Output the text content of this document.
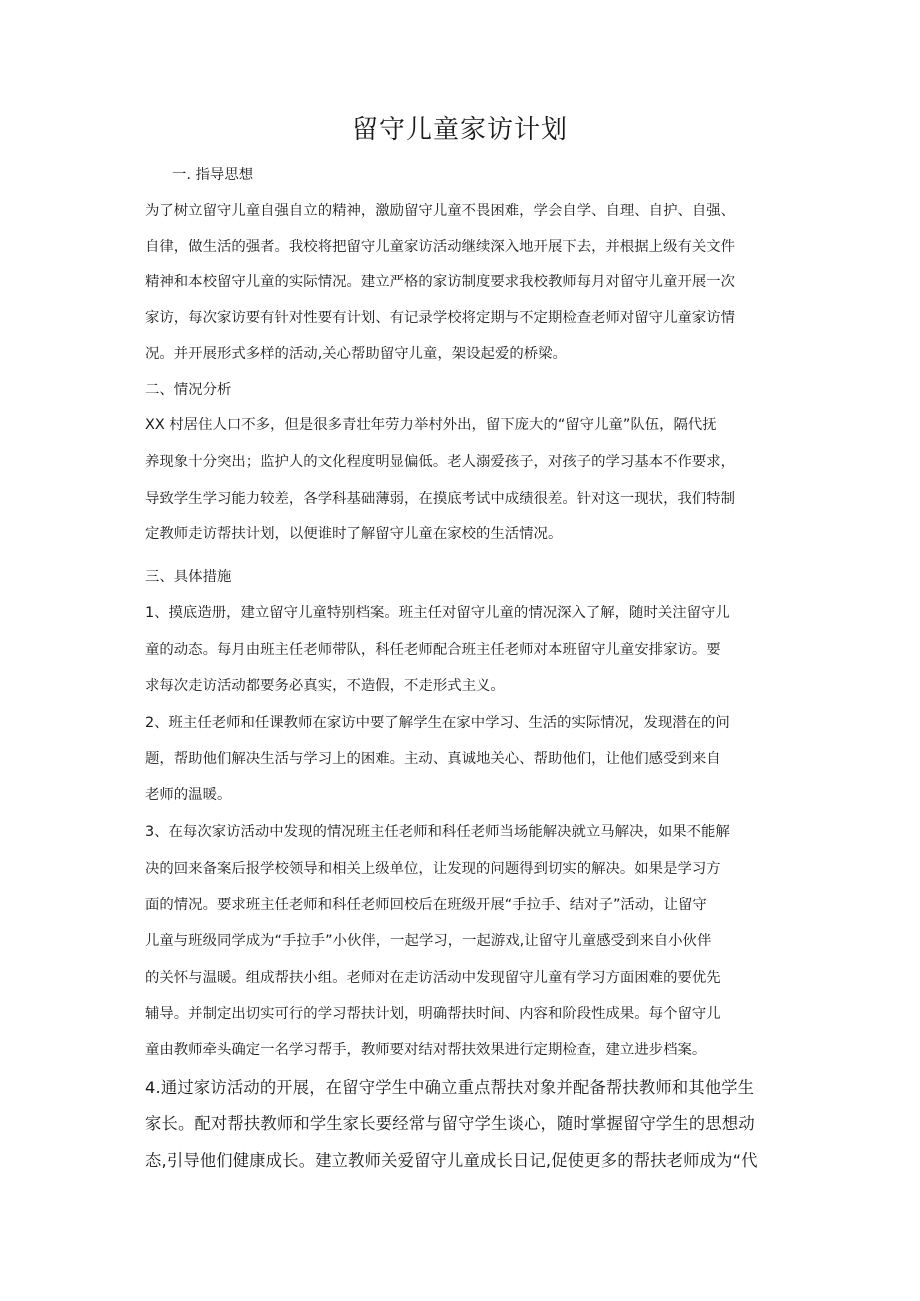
留守儿童家访计划

一. 指导思想

为了树立留守儿童自强自立的精神，激励留守儿童不畏困难，学会自学、自理、自护、自强、

自律，做生活的强者。我校将把留守儿童家访活动继续深入地开展下去，并根据上级有关文件

精神和本校留守儿童的实际情况。建立严格的家访制度要求我校教师每月对留守儿童开展一次

家访，每次家访要有针对性要有计划、有记录学校将定期与不定期检查老师对留守儿童家访情

况。并开展形式多样的活动,关心帮助留守儿童，架设起爱的桥梁。

二、情况分析

XX 村居住人口不多，但是很多青壮年劳力举村外出，留下庞大的“留守儿童”队伍，隔代抚

养现象十分突出；监护人的文化程度明显偏低。老人溺爱孩子，对孩子的学习基本不作要求，

导致学生学习能力较差，各学科基础薄弱，在摸底考试中成绩很差。针对这一现状，我们特制

定教师走访帮扶计划，以便谁时了解留守儿童在家校的生活情况。

三、具体措施

1、摸底造册，建立留守儿童特别档案。班主任对留守儿童的情况深入了解，随时关注留守儿

童的动态。每月由班主任老师带队，科任老师配合班主任老师对本班留守儿童安排家访。要

求每次走访活动都要务必真实，不造假，不走形式主义。

2、班主任老师和任课教师在家访中要了解学生在家中学习、生活的实际情况，发现潜在的问

题，帮助他们解决生活与学习上的困难。主动、真诚地关心、帮助他们，让他们感受到来自

老师的温暖。

3、在每次家访活动中发现的情况班主任老师和科任老师当场能解决就立马解决，如果不能解

决的回来备案后报学校领导和相关上级单位，让发现的问题得到切实的解决。如果是学习方

面的情况。要求班主任老师和科任老师回校后在班级开展“手拉手、结对子”活动，让留守

儿童与班级同学成为“手拉手”小伙伴，一起学习，一起游戏,让留守儿童感受到来自小伙伴

的关怀与温暖。组成帮扶小组。老师对在走访活动中发现留守儿童有学习方面困难的要优先

辅导。并制定出切实可行的学习帮扶计划，明确帮扶时间、内容和阶段性成果。每个留守儿

童由教师牵头确定一名学习帮手，教师要对结对帮扶效果进行定期检查，建立进步档案。

4.通过家访活动的开展，在留守学生中确立重点帮扶对象并配备帮扶教师和其他学生

家长。配对帮扶教师和学生家长要经常与留守学生谈心，随时掌握留守学生的思想动

态,引导他们健康成长。建立教师关爱留守儿童成长日记,促使更多的帮扶老师成为“代
